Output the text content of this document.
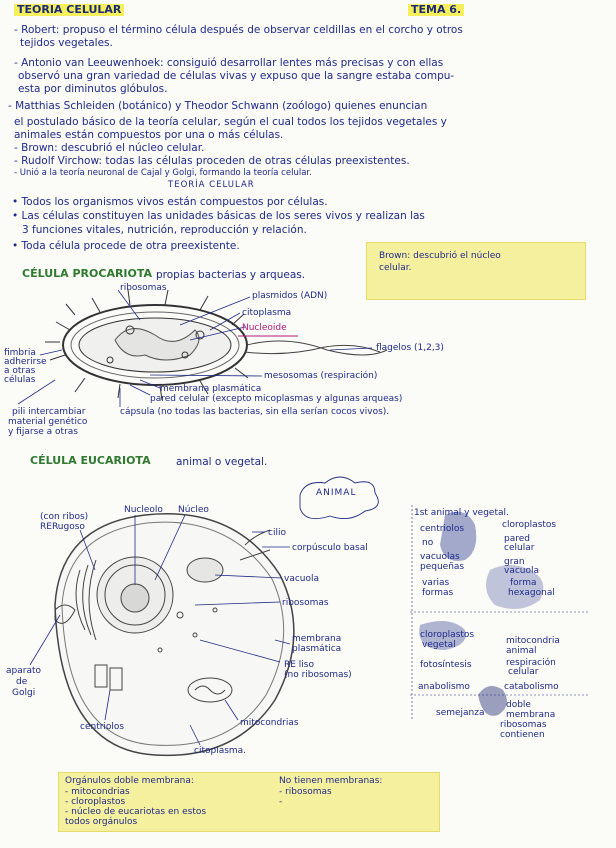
TEORIA CELULAR	TEMA 6.
- Robert: propuso el término célula después de observar celdillas en el corcho y otros
tejidos vegetales.
- Antonio van Leeuwenhoek: consiguió desarrollar lentes más precisas y con ellas
observó una gran variedad de células vivas y expuso que la sangre estaba compu-
esta por diminutos glóbulos.
- Matthias Schleiden (botánico) y Theodor Schwann (zoólogo) quienes enuncian
el postulado básico de la teoría celular, según el cual todos los tejidos vegetales y
animales están compuestos por una o más células.
- Brown: descubrió el núcleo celular.
- Rudolf Virchow: todas las células proceden de otras células preexistentes.
- Unió a la teoría neuronal de Cajal y Golgi, formando la teoría celular.
TEORÍA CELULAR
• Todos los organismos vivos están compuestos por células.
• Las células constituyen las unidades básicas de los seres vivos y realizan las
3 funciones vitales, nutrición, reproducción y relación.
• Toda célula procede de otra preexistente.
Brown: descubrió el núcleo
celular.
CÉLULA PROCARIOTA propias bacterias y arqueas.
CÉLULA EUCARIOTA animal o vegetal.
ribosomas
plasmidos (ADN)
citoplasma
Nucleoide
flagelos (1,2,3)
fimbria
adherirse
a otras
células	mesosomas (respiración)
membrana plasmática
pared celular (excepto micoplasmas y algunas arqueas)
cápsula (no todas las bacterias, sin ella serían cocos vivos).
pili intercambiar
material genético
y fijarse a otras
ANIMAL
(con ribos)
RERugoso
Nucleolo Núcleo
cilio
corpúsculo basal
vacuola
ribosomas
membrana
plasmática
RE liso
(no ribosomas)
aparato
de
Golgi
mitocondrias
centriolos
citoplasma.
1st animal y vegetal.
centriolos
no
vacuolas
pequeñas
varias
formas
cloroplastos
pared
celular
gran
vacuola
forma
hexagonal
cloroplastos
vegetal
fotosíntesis
anabolismo
mitocondria
animal
respiración
celular
catabolismo
semejanza
doble
membrana
ribosomas
contienen
Orgánulos doble membrana:
- mitocondrias
- cloroplastos
- núcleo de eucariotas en estos
todos orgánulos
No tienen membranas:
- ribosomas
-
